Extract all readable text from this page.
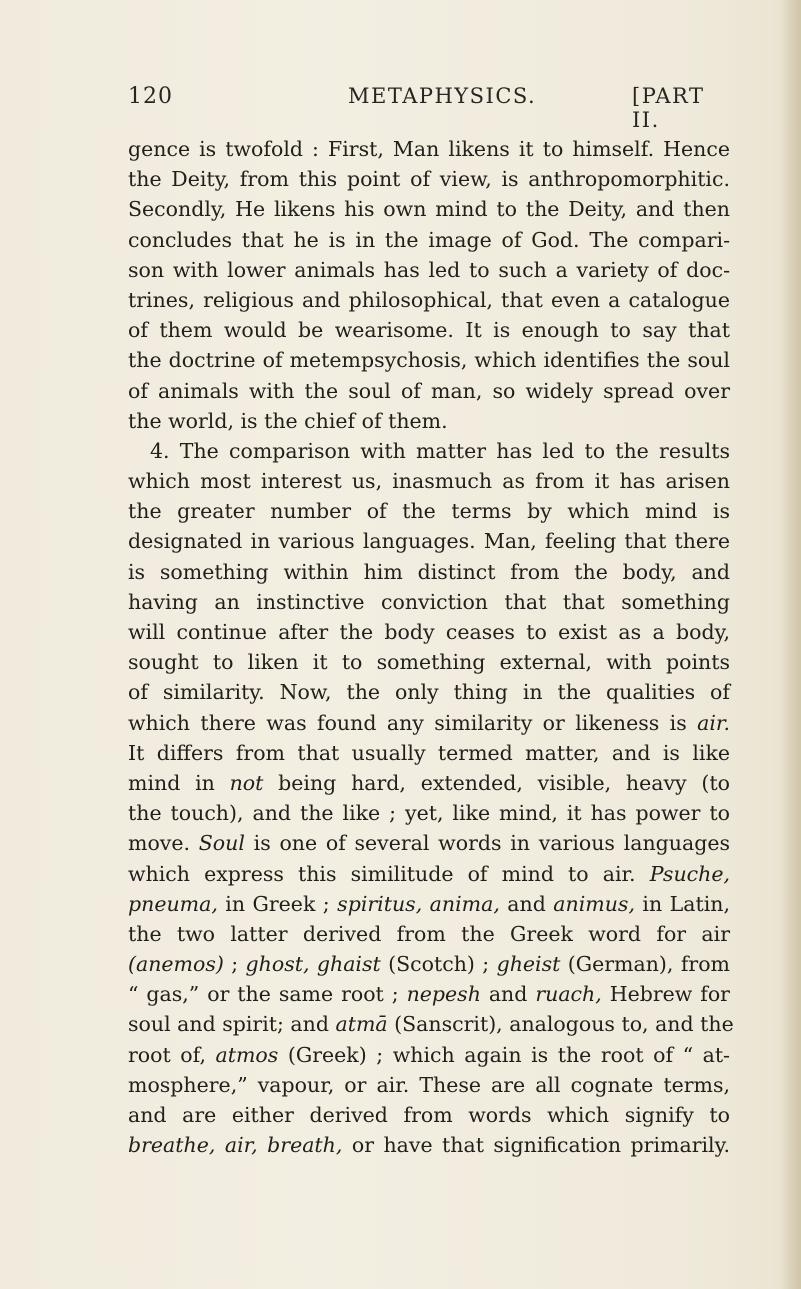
120	METAPHYSICS.	[PART II.
gence is twofold : First, Man likens it to himself. Hence
the Deity, from this point of view, is anthropomorphitic.
Secondly, He likens his own mind to the Deity, and then
concludes that he is in the image of God. The compari-
son with lower animals has led to such a variety of doc-
trines, religious and philosophical, that even a catalogue
of them would be wearisome. It is enough to say that
the doctrine of metempsychosis, which identifies the soul
of animals with the soul of man, so widely spread over
the world, is the chief of them.
4. The comparison with matter has led to the results
which most interest us, inasmuch as from it has arisen
the greater number of the terms by which mind is
designated in various languages. Man, feeling that there
is something within him distinct from the body, and
having an instinctive conviction that that something
will continue after the body ceases to exist as a body,
sought to liken it to something external, with points
of similarity. Now, the only thing in the qualities of
which there was found any similarity or likeness is air.
It differs from that usually termed matter, and is like
mind in not being hard, extended, visible, heavy (to
the touch), and the like ; yet, like mind, it has power to
move. Soul is one of several words in various languages
which express this similitude of mind to air. Psuche,
pneuma, in Greek ; spiritus, anima, and animus, in Latin,
the two latter derived from the Greek word for air
(anemos) ; ghost, ghaist (Scotch) ; gheist (German), from
“ gas,” or the same root ; nepesh and ruach, Hebrew for
soul and spirit; and atmā (Sanscrit), analogous to, and the
root of, atmos (Greek) ; which again is the root of “ at-
mosphere,” vapour, or air. These are all cognate terms,
and are either derived from words which signify to
breathe, air, breath, or have that signification primarily.
